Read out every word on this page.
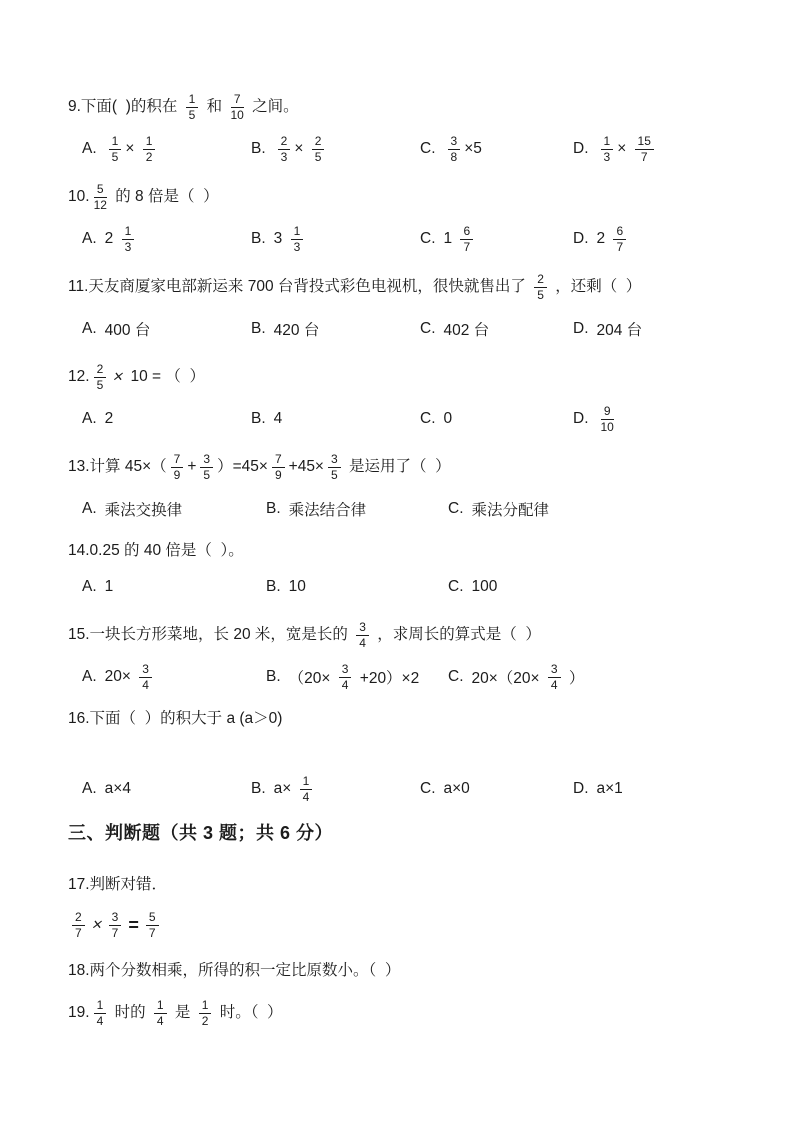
9.下面(  )的积在 $\frac{1}{5}$ 和 $\frac{7}{10}$ 之间。
A. $\frac{1}{5} \times \frac{1}{2}$	B. $\frac{2}{3} \times \frac{2}{5}$	C. $\frac{3}{8} \times 5$	D. $\frac{1}{3} \times \frac{15}{7}$
10. $\frac{5}{12}$ 的 8 倍是（  ）
A. $2 \frac{1}{3}$	B. $3 \frac{1}{3}$	C. $1 \frac{6}{7}$	D. $2 \frac{6}{7}$
11.天友商厦家电部新运来 700 台背投式彩色电视机，很快就售出了 $\frac{2}{5}$ ，还剩（  ）
A. 400 台	B. 420 台	C. 402 台	D. 204 台
12. $\frac{2}{5} \times 10$ = （  ）
A. 2	B. 4	C. 0	D. $\frac{9}{10}$
13.计算 $45\times( \frac{7}{9} + \frac{3}{5} )=45\times \frac{7}{9} +45\times \frac{3}{5}$ 是运用了（  ）
A. 乘法交换律	B. 乘法结合律	C. 乘法分配律
14.0.25 的 40 倍是（  ）。
A. 1	B. 10	C. 100
15.一块长方形菜地，长 20 米，宽是长的 $\frac{3}{4}$ ，求周长的算式是（  ）
A. $20\times \frac{3}{4}$	B. $(20\times \frac{3}{4} +20)\times 2$ C. $20\times(20\times \frac{3}{4}$ ）
16.下面（  ）的积大于 a (a＞0)
A. a×4	B. $a\times \frac{1}{4}$	C. a×0	D. a×1
三、判断题（共 3 题；共 6 分）
17.判断对错．
$\frac{2}{7} \times \frac{3}{7} = \frac{5}{7}$
18.两个分数相乘，所得的积一定比原数小。（  ）
19. $\frac{1}{4}$ 时的 $\frac{1}{4}$ 是 $\frac{1}{2}$ 时。（  ）
